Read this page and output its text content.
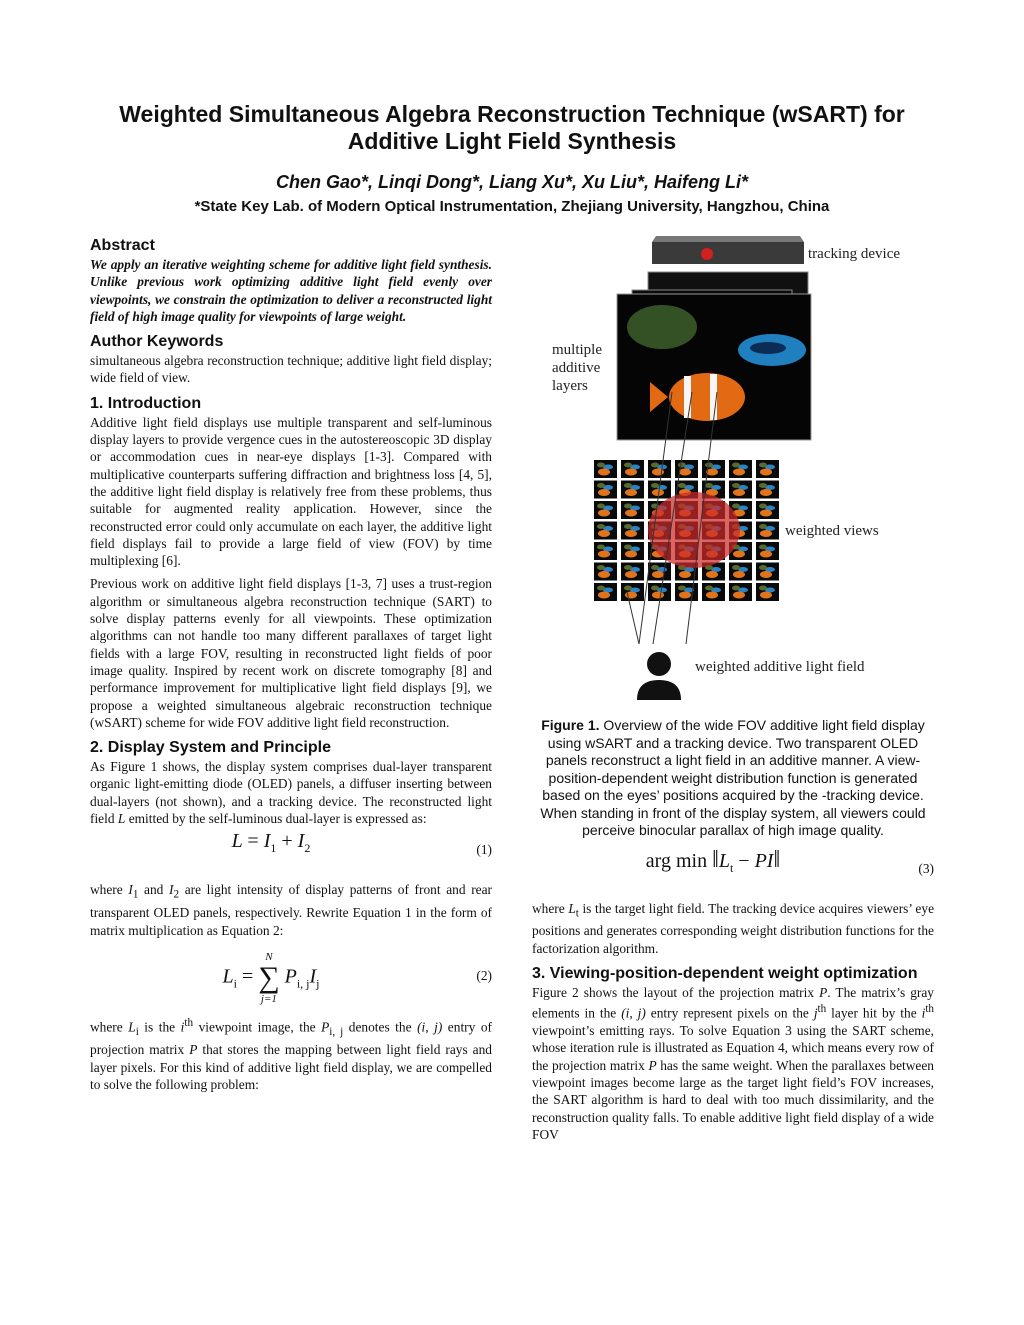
Weighted Simultaneous Algebra Reconstruction Technique (wSART) for Additive Light Field Synthesis
Chen Gao*, Linqi Dong*, Liang Xu*, Xu Liu*, Haifeng Li*
*State Key Lab. of Modern Optical Instrumentation, Zhejiang University, Hangzhou, China
Abstract

We apply an iterative weighting scheme for additive light field synthesis. Unlike previous work optimizing additive light field evenly over viewpoints, we constrain the optimization to deliver a reconstructed light field of high image quality for viewpoints of large weight.

Author Keywords

simultaneous algebra reconstruction technique; additive light field display; wide field of view.

1. Introduction

Additive light field displays use multiple transparent and self-luminous display layers to provide vergence cues in the autostereoscopic 3D display or accommodation cues in near-eye displays [1-3]. Compared with multiplicative counterparts suffering diffraction and brightness loss [4, 5], the additive light field display is relatively free from these problems, thus suitable for augmented reality application. However, since the reconstructed error could only accumulate on each layer, the additive light field displays fail to provide a large field of view (FOV) by time multiplexing [6].

Previous work on additive light field displays [1-3, 7] uses a trust-region algorithm or simultaneous algebra reconstruction technique (SART) to solve display patterns evenly for all viewpoints. These optimization algorithms can not handle too many different parallaxes of target light fields with a large FOV, resulting in reconstructed light fields of poor image quality. Inspired by recent work on discrete tomography [8] and performance improvement for multiplicative light field displays [9], we propose a weighted simultaneous algebraic reconstruction technique (wSART) scheme for wide FOV additive light field reconstruction.

2. Display System and Principle

As Figure 1 shows, the display system comprises dual-layer transparent organic light-emitting diode (OLED) panels, a diffuser inserting between dual-layers (not shown), and a tracking device. The reconstructed light field L emitted by the self-luminous dual-layer is expressed as:

$L = I_1 + I_2$	(1)

where $I_1$ and $I_2$ are light intensity of display patterns of front and rear transparent OLED panels, respectively. Rewrite Equation 1 in the form of matrix multiplication as Equation 2:

$L_i$ =
N
∑
j=1
$P_{i, j}I_j$
(2)

where $L_i$ is the $i^{th}$ viewpoint image, the $P_{i, j}$ denotes the (i, j) entry of projection matrix P that stores the mapping between light field rays and layer pixels. For this kind of additive light field display, we are compelled to solve the following problem:

tracking device
Σ
multiple
additive
layers
weighted views
weighted additive light field

Figure 1. Overview of the wide FOV additive light field display using wSART and a tracking device. Two transparent OLED panels reconstruct a light field in an additive manner. A view-position-dependent weight distribution function is generated based on the eyes’ positions acquired by the -tracking device. When standing in front of the display system, all viewers could perceive binocular parallax of high image quality.

arg $\min ‖L_t$ − PI‖	(3)

where $L_t$ is the target light field. The tracking device acquires viewers’ eye positions and generates corresponding weight distribution functions for the factorization algorithm.

3. Viewing-position-dependent weight optimization

Figure 2 shows the layout of the projection matrix P. The matrix’s gray elements in the (i, j) entry represent pixels on the $j^{th}$ layer hit by the $i^{th}$ viewpoint’s emitting rays. To solve Equation 3 using the SART scheme, whose iteration rule is illustrated as Equation 4, which means every row of the projection matrix P has the same weight. When the parallaxes between viewpoint images become large as the target light field’s FOV increases, the SART algorithm is hard to deal with too much dissimilarity, and the reconstruction quality falls. To enable additive light field display of a wide FOV
